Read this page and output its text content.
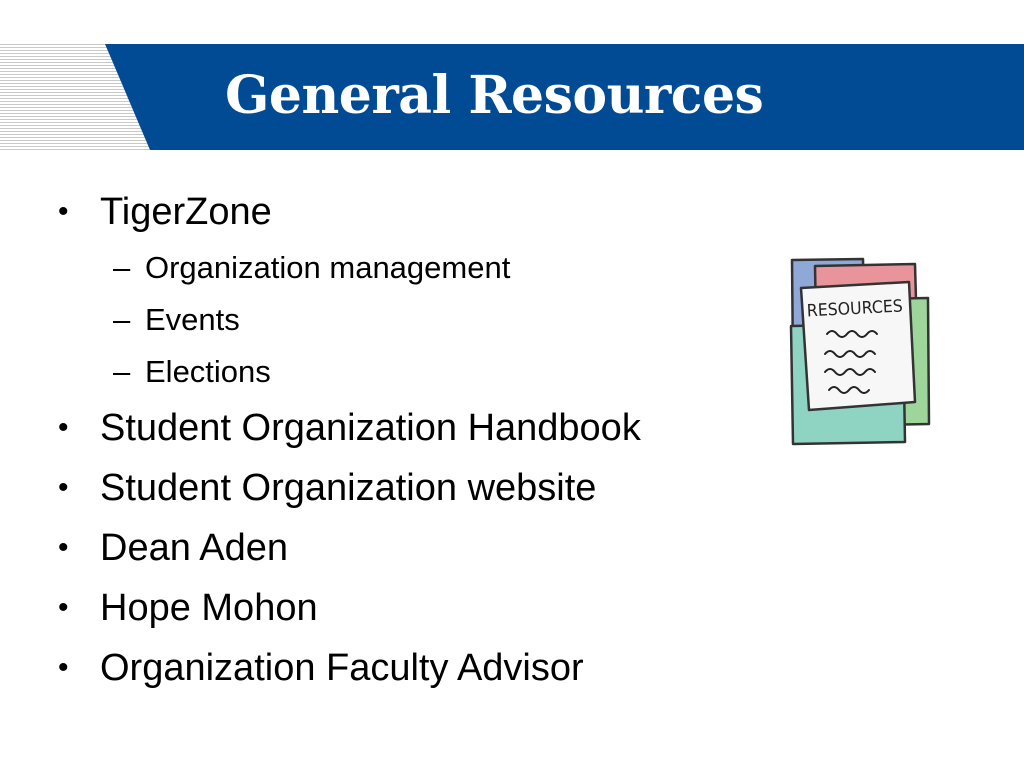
General Resources
• TigerZone
– Organization management
– Events
– Elections
• Student Organization Handbook
• Student Organization website
• Dean Aden
• Hope Mohon
• Organization Faculty Advisor
RESOURCES
